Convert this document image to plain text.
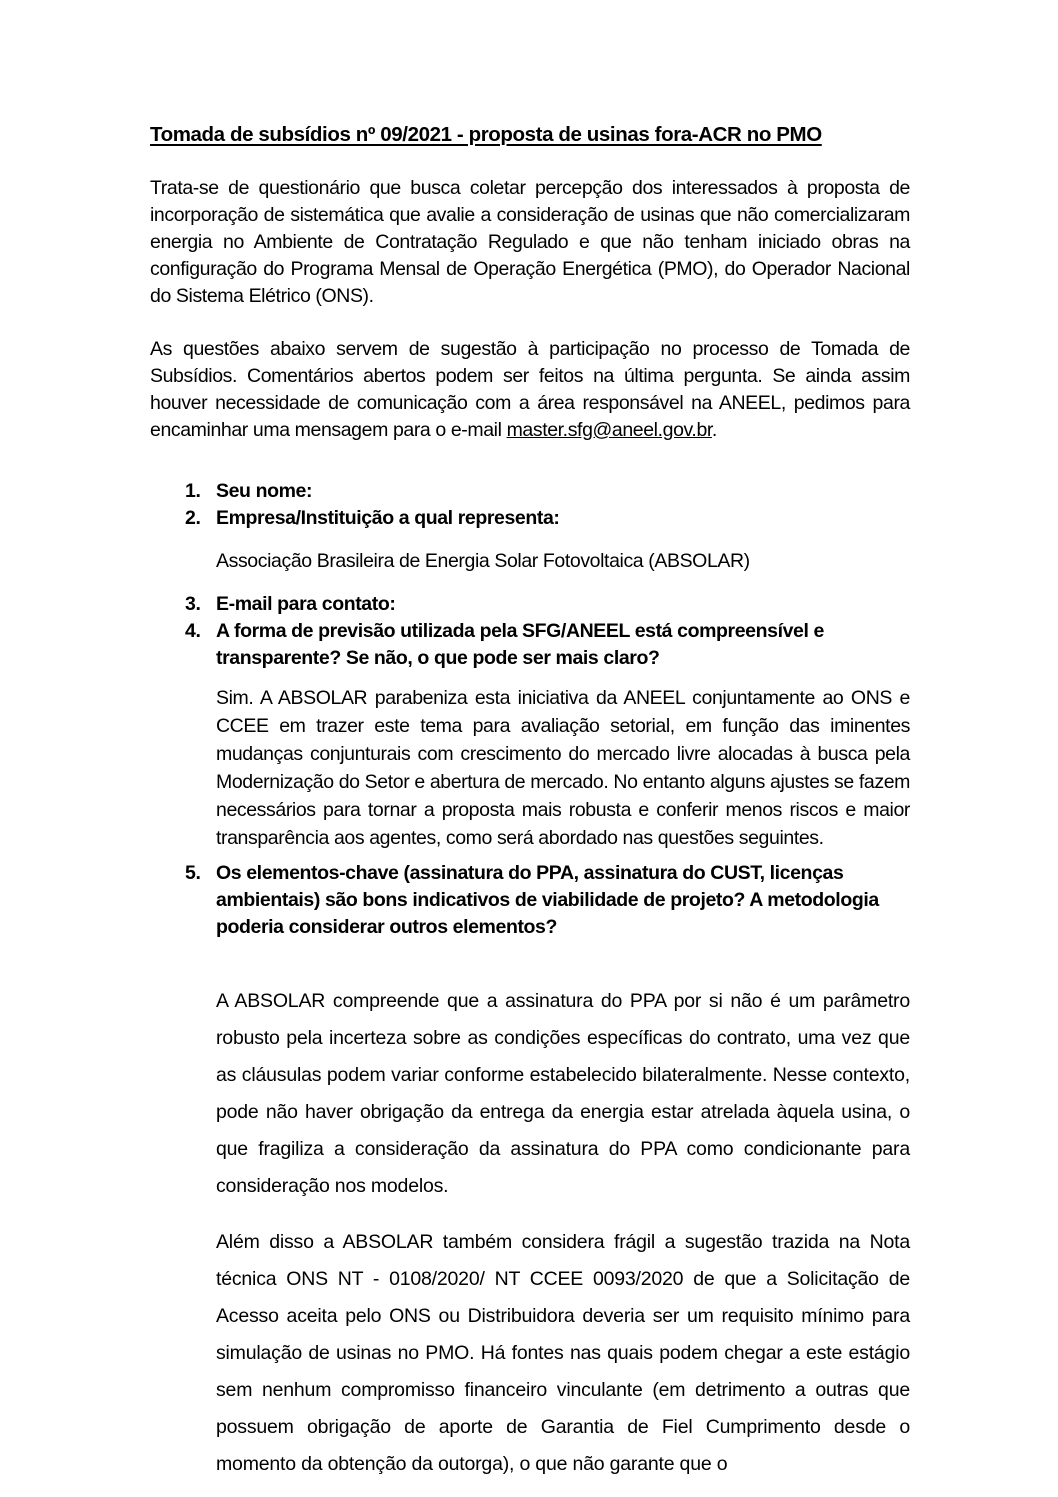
Tomada de subsídios nº 09/2021 - proposta de usinas fora-ACR no PMO

Trata-se de questionário que busca coletar percepção dos interessados à proposta de incorporação de sistemática que avalie a consideração de usinas que não comercializaram energia no Ambiente de Contratação Regulado e que não tenham iniciado obras na configuração do Programa Mensal de Operação Energética (PMO), do Operador Nacional do Sistema Elétrico (ONS).

As questões abaixo servem de sugestão à participação no processo de Tomada de Subsídios. Comentários abertos podem ser feitos na última pergunta. Se ainda assim houver necessidade de comunicação com a área responsável na ANEEL, pedimos para encaminhar uma mensagem para o e-mail master.sfg@aneel.gov.br.

1. Seu nome:
2. Empresa/Instituição a qual representa:
Associação Brasileira de Energia Solar Fotovoltaica (ABSOLAR)
3. E-mail para contato:
4. A forma de previsão utilizada pela SFG/ANEEL está compreensível e transparente? Se não, o que pode ser mais claro?
Sim. A ABSOLAR parabeniza esta iniciativa da ANEEL conjuntamente ao ONS e CCEE em trazer este tema para avaliação setorial, em função das iminentes mudanças conjunturais com crescimento do mercado livre alocadas à busca pela Modernização do Setor e abertura de mercado. No entanto alguns ajustes se fazem necessários para tornar a proposta mais robusta e conferir menos riscos e maior transparência aos agentes, como será abordado nas questões seguintes.
5. Os elementos-chave (assinatura do PPA, assinatura do CUST, licenças ambientais) são bons indicativos de viabilidade de projeto? A metodologia poderia considerar outros elementos?
A ABSOLAR compreende que a assinatura do PPA por si não é um parâmetro robusto pela incerteza sobre as condições específicas do contrato, uma vez que as cláusulas podem variar conforme estabelecido bilateralmente. Nesse contexto, pode não haver obrigação da entrega da energia estar atrelada àquela usina, o que fragiliza a consideração da assinatura do PPA como condicionante para consideração nos modelos.
Além disso a ABSOLAR também considera frágil a sugestão trazida na Nota técnica ONS NT - 0108/2020/ NT CCEE 0093/2020 de que a Solicitação de Acesso aceita pelo ONS ou Distribuidora deveria ser um requisito mínimo para simulação de usinas no PMO. Há fontes nas quais podem chegar a este estágio sem nenhum compromisso financeiro vinculante (em detrimento a outras que possuem obrigação de aporte de Garantia de Fiel Cumprimento desde o momento da obtenção da outorga), o que não garante que o
